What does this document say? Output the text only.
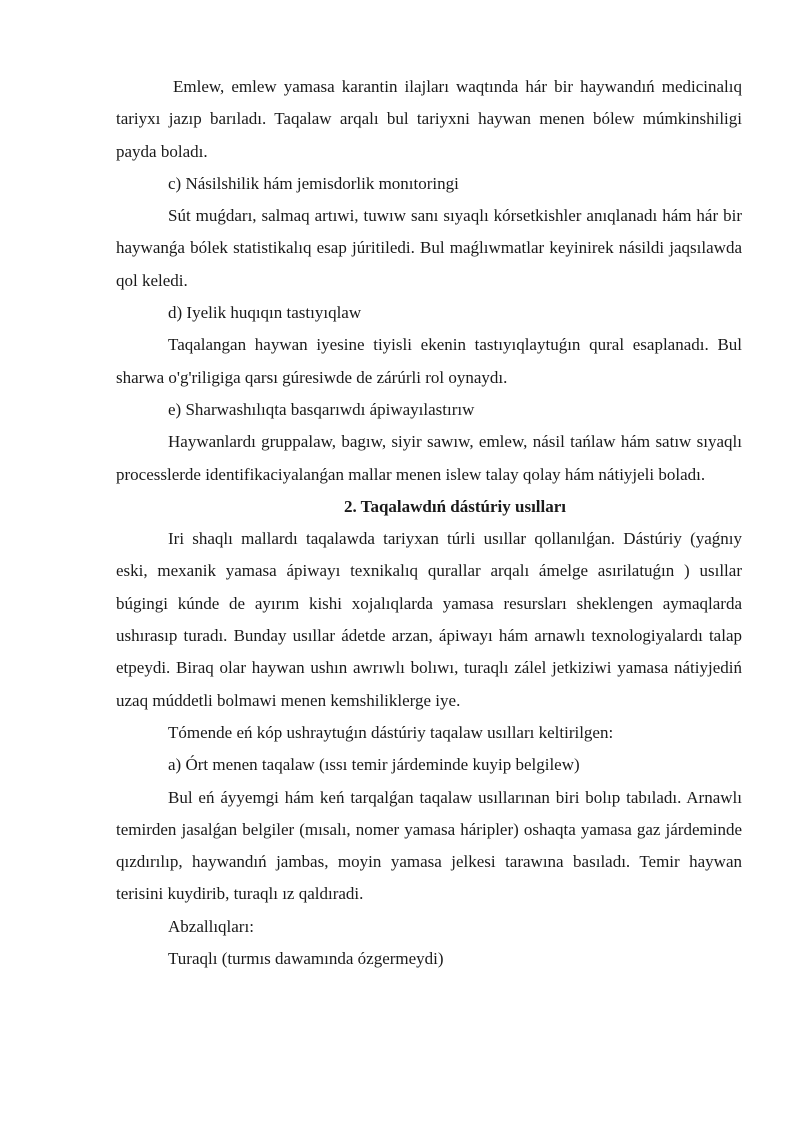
Emlew, emlew yamasa karantin ilajları waqtında hár bir haywandıń medicinalıq tariyxı jazıp barıladı. Taqalaw arqalı bul tariyxni haywan menen bólew múmkinshiligi payda boladı.

c) Násilshilik hám jemisdorlik monıtoringi

Sút muǵdarı, salmaq artıwi, tuwıw sanı sıyaqlı kórsetkishler anıqlanadı hám hár bir haywanǵa bólek statistikalıq esap júritiledi. Bul maǵlıwmatlar keyinirek násildi jaqsılawda qol keledi.

d) Iyelik huqıqın tastıyıqlaw

Taqalangan haywan iyesine tiyisli ekenin tastıyıqlaytuǵın qural esaplanadı. Bul sharwa o'g'riligiga qarsı gúresiwde de zárúrli rol oynaydı.

e) Sharwashılıqta basqarıwdı ápiwayılastırıw

Haywanlardı gruppalaw, bagıw, siyir sawıw, emlew, násil tańlaw hám satıw sıyaqlı processlerde identifikaciyalanǵan mallar menen islew talay qolay hám nátiyjeli boladı.

2. Taqalawdıń dástúriy usılları

Iri shaqlı mallardı taqalawda tariyxan túrli usıllar qollanılǵan. Dástúriy (yaǵnıy eski, mexanik yamasa ápiwayı texnikalıq qurallar arqalı ámelge asırilatuǵın ) usıllar búgingi kúnde de ayırım kishi xojalıqlarda yamasa resursları sheklengen aymaqlarda ushırasıp turadı. Bunday usıllar ádetde arzan, ápiwayı hám arnawlı texnologiyalardı talap etpeydi. Biraq olar haywan ushın awrıwlı bolıwı, turaqlı zálel jetkiziwi yamasa nátiyjediń uzaq múddetli bolmawi menen kemshiliklerge iye.

Tómende eń kóp ushraytuǵın dástúriy taqalaw usılları keltirilgen:

a) Órt menen taqalaw (ıssı temir járdeminde kuyip belgilew)

Bul eń áyyemgi hám keń tarqalǵan taqalaw usıllarınan biri bolıp tabıladı. Arnawlı temirden jasalǵan belgiler (mısalı, nomer yamasa háripler) oshaqta yamasa gaz járdeminde qızdırılıp, haywandıń jambas, moyin yamasa jelkesi tarawına basıladı. Temir haywan terisini kuydirib, turaqlı ız qaldıradi.

Abzallıqları:

Turaqlı (turmıs dawamında ózgermeydi)
